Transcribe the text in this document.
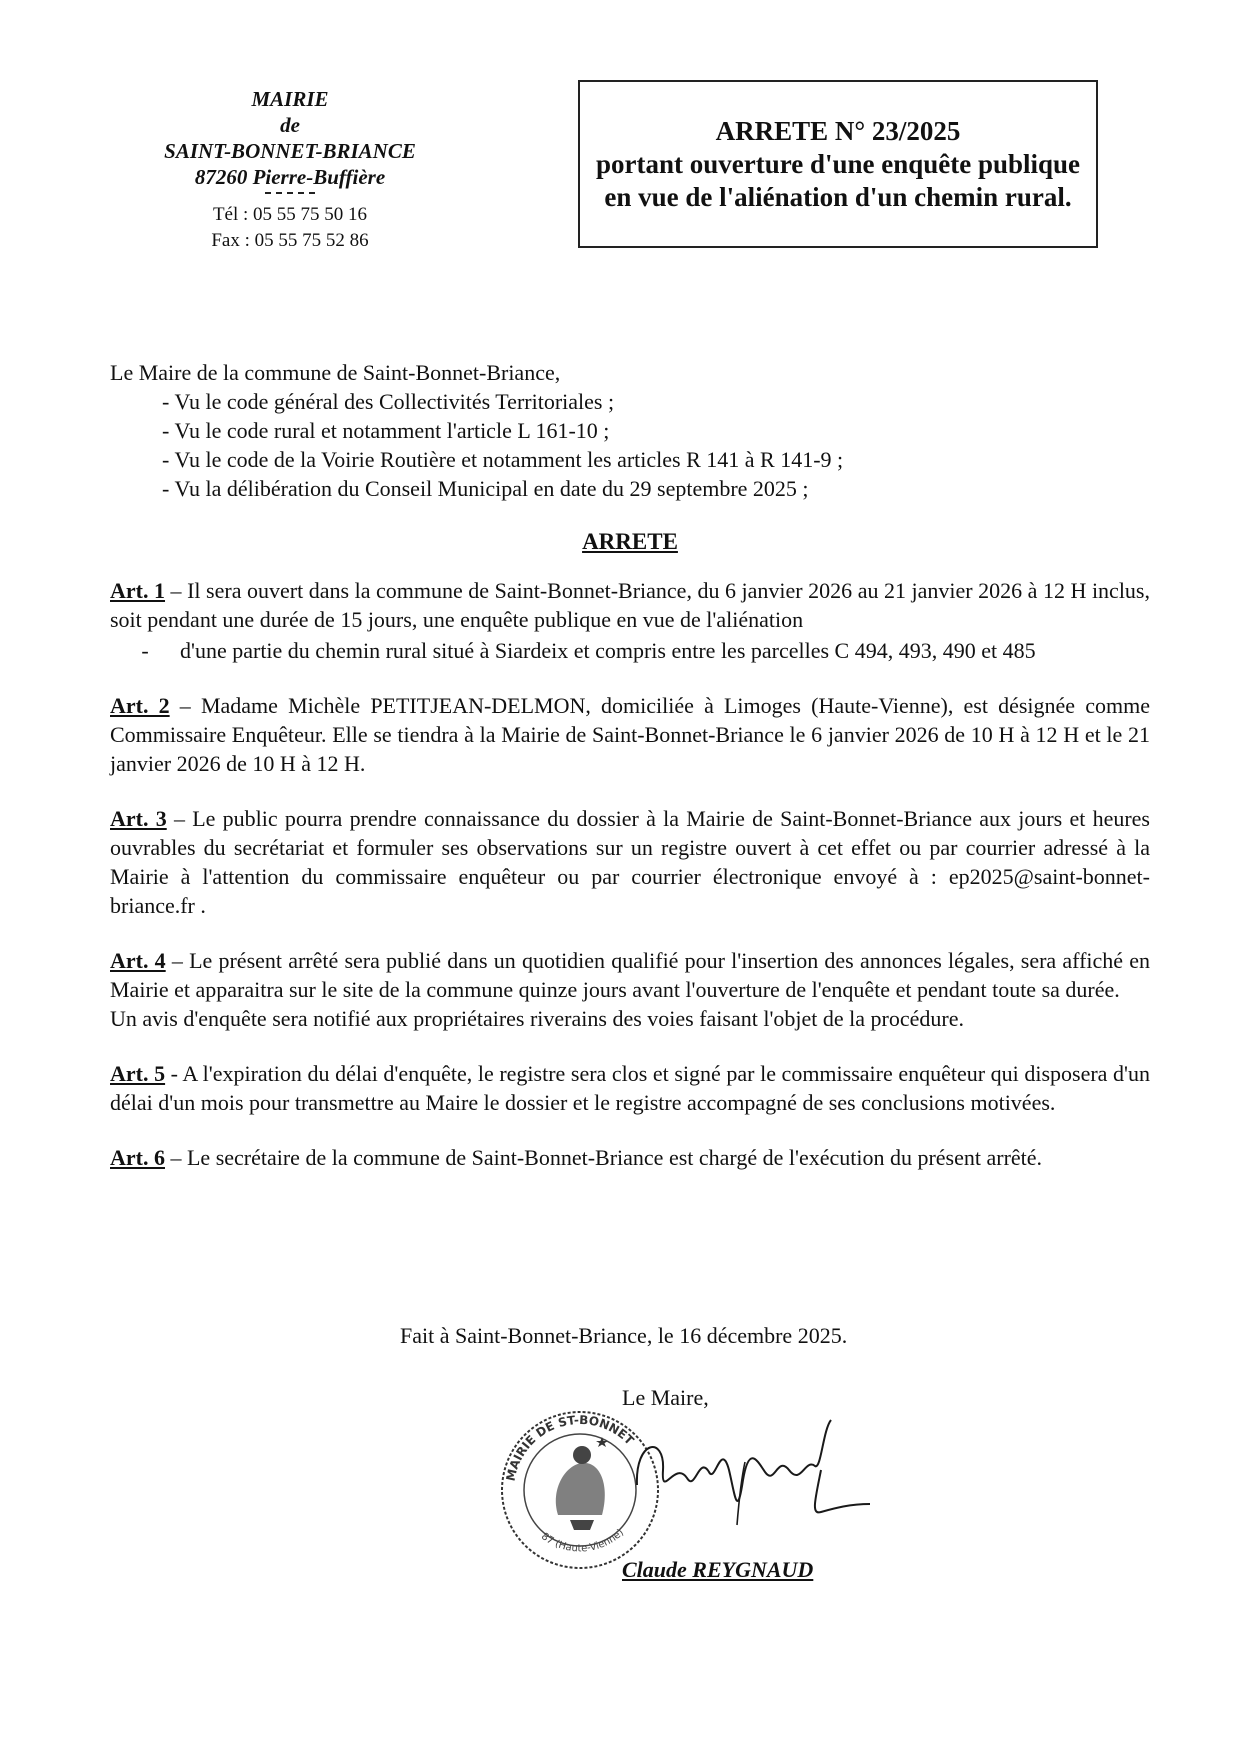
MAIRIE
de
SAINT-BONNET-BRIANCE
87260 Pierre-Buffière
Tél : 05 55 75 50 16
Fax : 05 55 75 52 86
ARRETE N° 23/2025
portant ouverture d'une enquête publique
en vue de l'aliénation d'un chemin rural.

Le Maire de la commune de Saint-Bonnet-Briance,

- Vu le code général des Collectivités Territoriales ;
- Vu le code rural et notamment l'article L 161-10 ;
- Vu le code de la Voirie Routière et notamment les articles R 141 à R 141-9 ;
- Vu la délibération du Conseil Municipal en date du 29 septembre 2025 ;
ARRETE

Art. 1 – Il sera ouvert dans la commune de Saint-Bonnet-Briance, du 6 janvier 2026 au 21 janvier 2026 à 12 H inclus, soit pendant une durée de 15 jours, une enquête publique en vue de l'aliénation

-	d'une partie du chemin rural situé à Siardeix et compris entre les parcelles C 494, 493, 490 et 485

Art. 2 – Madame Michèle PETITJEAN-DELMON, domiciliée à Limoges (Haute-Vienne), est désignée comme Commissaire Enquêteur. Elle se tiendra à la Mairie de Saint-Bonnet-Briance le 6 janvier 2026 de 10 H à 12 H et le 21 janvier 2026 de 10 H à 12 H.

Art. 3 – Le public pourra prendre connaissance du dossier à la Mairie de Saint-Bonnet-Briance aux jours et heures ouvrables du secrétariat et formuler ses observations sur un registre ouvert à cet effet ou par courrier adressé à la Mairie à l'attention du commissaire enquêteur ou par courrier électronique envoyé à : ep2025@saint-bonnet-briance.fr .

Art. 4 – Le présent arrêté sera publié dans un quotidien qualifié pour l'insertion des annonces légales, sera affiché en Mairie et apparaitra sur le site de la commune quinze jours avant l'ouverture de l'enquête et pendant toute sa durée.

Un avis d'enquête sera notifié aux propriétaires riverains des voies faisant l'objet de la procédure.

Art. 5 - A l'expiration du délai d'enquête, le registre sera clos et signé par le commissaire enquêteur qui disposera d'un délai d'un mois pour transmettre au Maire le dossier et le registre accompagné de ses conclusions motivées.

Art. 6 – Le secrétaire de la commune de Saint-Bonnet-Briance est chargé de l'exécution du présent arrêté.

Fait à Saint-Bonnet-Briance, le 16 décembre 2025.
Le Maire,
MAIRIE DE ST-BONNET
87 (Haute-Vienne)
Claude REYGNAUD
